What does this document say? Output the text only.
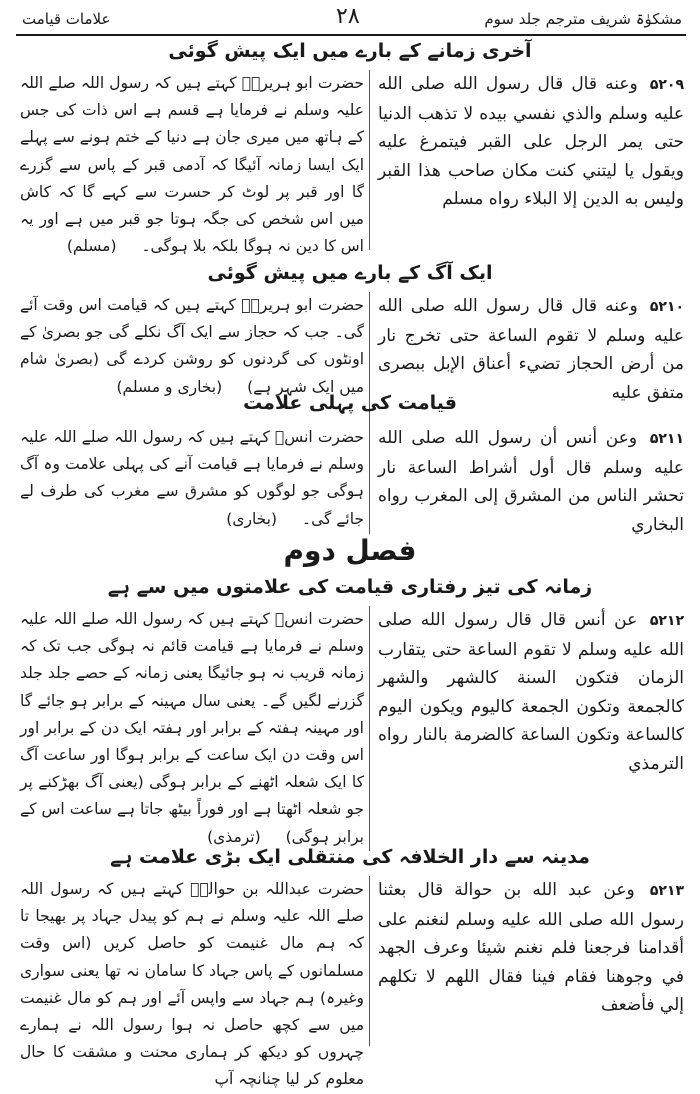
علامات قیامت	۲۸	مشکوٰۃ شریف مترجم جلد سوم
آخری زمانے کے بارے میں ایک پیش گوئی
۵۲۰۹ وعنه قال قال رسول الله صلى الله عليه وسلم والذي نفسي بيده لا تذهب الدنيا حتى يمر الرجل على القبر فيتمرغ عليه ويقول يا ليتني كنت مكان صاحب هذا القبر وليس به الدين إلا البلاء رواه مسلم
حضرت ابو ہریرہؓ کہتے ہیں کہ رسول اللہ صلے اللہ علیہ وسلم نے فرمایا ہے قسم ہے اس ذات کی جس کے ہاتھ میں میری جان ہے دنیا کے ختم ہونے سے پہلے ایک ایسا زمانہ آئیگا کہ آدمی قبر کے پاس سے گزرے گا اور قبر پر لوٹ کر حسرت سے کہے گا کہ کاش میں اس شخص کی جگہ ہوتا جو قبر میں ہے اور یہ اس کا دین نہ ہوگا بلکہ بلا ہوگی۔ (مسلم)
ایک آگ کے بارے میں پیش گوئی
۵۲۱۰ وعنه قال قال رسول الله صلى الله عليه وسلم لا تقوم الساعة حتى تخرج نار من أرض الحجاز تضيء أعناق الإبل ببصرى متفق عليه
حضرت ابو ہریرہؓ کہتے ہیں کہ قیامت اس وقت آئے گی۔ جب کہ حجاز سے ایک آگ نکلے گی جو بصریٰ کے اونٹوں کی گردنوں کو روشن کردے گی (بصریٰ شام میں ایک شہر ہے) (بخاری و مسلم)
قیامت کی پہلی علامت
۵۲۱۱ وعن أنس أن رسول الله صلى الله عليه وسلم قال أول أشراط الساعة نار تحشر الناس من المشرق إلى المغرب رواه البخاري
حضرت انسؓ کہتے ہیں کہ رسول اللہ صلے اللہ علیہ وسلم نے فرمایا ہے قیامت آنے کی پہلی علامت وہ آگ ہوگی جو لوگوں کو مشرق سے مغرب کی طرف لے جائے گی۔ (بخاری)
فصل دوم
زمانہ کی تیز رفتاری قیامت کی علامتوں میں سے ہے
۵۲۱۲ عن أنس قال قال رسول الله صلى الله عليه وسلم لا تقوم الساعة حتى يتقارب الزمان فتكون السنة كالشهر والشهر كالجمعة وتكون الجمعة كاليوم ويكون اليوم كالساعة وتكون الساعة كالضرمة بالنار رواه الترمذي
حضرت انسؓ کہتے ہیں کہ رسول اللہ صلے اللہ علیہ وسلم نے فرمایا ہے قیامت قائم نہ ہوگی جب تک کہ زمانہ قریب نہ ہو جائیگا یعنی زمانہ کے حصے جلد جلد گزرنے لگیں گے۔ یعنی سال مہینہ کے برابر ہو جائے گا اور مہینہ ہفتہ کے برابر اور ہفتہ ایک دن کے برابر اور اس وقت دن ایک ساعت کے برابر ہوگا اور ساعت آگ کا ایک شعلہ اٹھنے کے برابر ہوگی (یعنی آگ بھڑکنے پر جو شعلہ اٹھتا ہے اور فوراً بیٹھ جاتا ہے ساعت اس کے برابر ہوگی) (ترمذی)
مدینہ سے دار الخلافہ کی منتقلی ایک بڑی علامت ہے
۵۲۱۳ وعن عبد الله بن حوالة قال بعثنا رسول الله صلى الله عليه وسلم لنغنم على أقدامنا فرجعنا فلم نغنم شيئا وعرف الجهد في وجوهنا فقام فينا فقال اللهم لا تكلهم إلي فأضعف
حضرت عبداللہ بن حوالہؓ کہتے ہیں کہ رسول اللہ صلے اللہ علیہ وسلم نے ہم کو پیدل جہاد پر بھیجا تا کہ ہم مال غنیمت کو حاصل کریں (اس وقت مسلمانوں کے پاس جہاد کا سامان نہ تھا یعنی سواری وغیرہ) ہم جہاد سے واپس آئے اور ہم کو مال غنیمت میں سے کچھ حاصل نہ ہوا رسول اللہ نے ہمارے چہروں کو دیکھ کر ہماری محنت و مشقت کا حال معلوم کر لیا چنانچہ آپ
